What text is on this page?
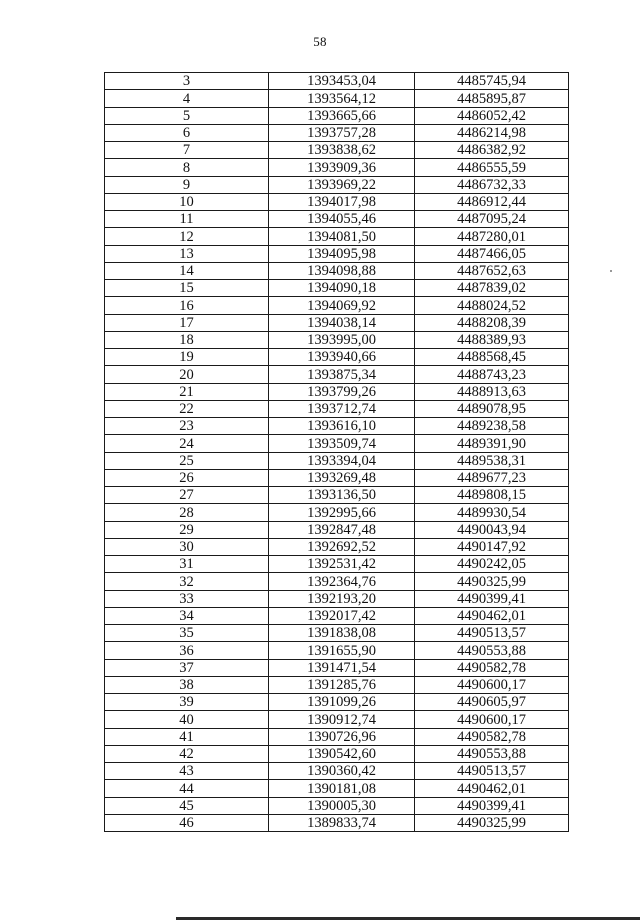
58
3	1393453,04	4485745,94
4	1393564,12	4485895,87
5	1393665,66	4486052,42
6	1393757,28	4486214,98
7	1393838,62	4486382,92
8	1393909,36	4486555,59
9	1393969,22	4486732,33
10	1394017,98	4486912,44
11	1394055,46	4487095,24
12	1394081,50	4487280,01
13	1394095,98	4487466,05
14	1394098,88	4487652,63
15	1394090,18	4487839,02
16	1394069,92	4488024,52
17	1394038,14	4488208,39
18	1393995,00	4488389,93
19	1393940,66	4488568,45
20	1393875,34	4488743,23
21	1393799,26	4488913,63
22	1393712,74	4489078,95
23	1393616,10	4489238,58
24	1393509,74	4489391,90
25	1393394,04	4489538,31
26	1393269,48	4489677,23
27	1393136,50	4489808,15
28	1392995,66	4489930,54
29	1392847,48	4490043,94
30	1392692,52	4490147,92
31	1392531,42	4490242,05
32	1392364,76	4490325,99
33	1392193,20	4490399,41
34	1392017,42	4490462,01
35	1391838,08	4490513,57
36	1391655,90	4490553,88
37	1391471,54	4490582,78
38	1391285,76	4490600,17
39	1391099,26	4490605,97
40	1390912,74	4490600,17
41	1390726,96	4490582,78
42	1390542,60	4490553,88
43	1390360,42	4490513,57
44	1390181,08	4490462,01
45	1390005,30	4490399,41
46	1389833,74	4490325,99
